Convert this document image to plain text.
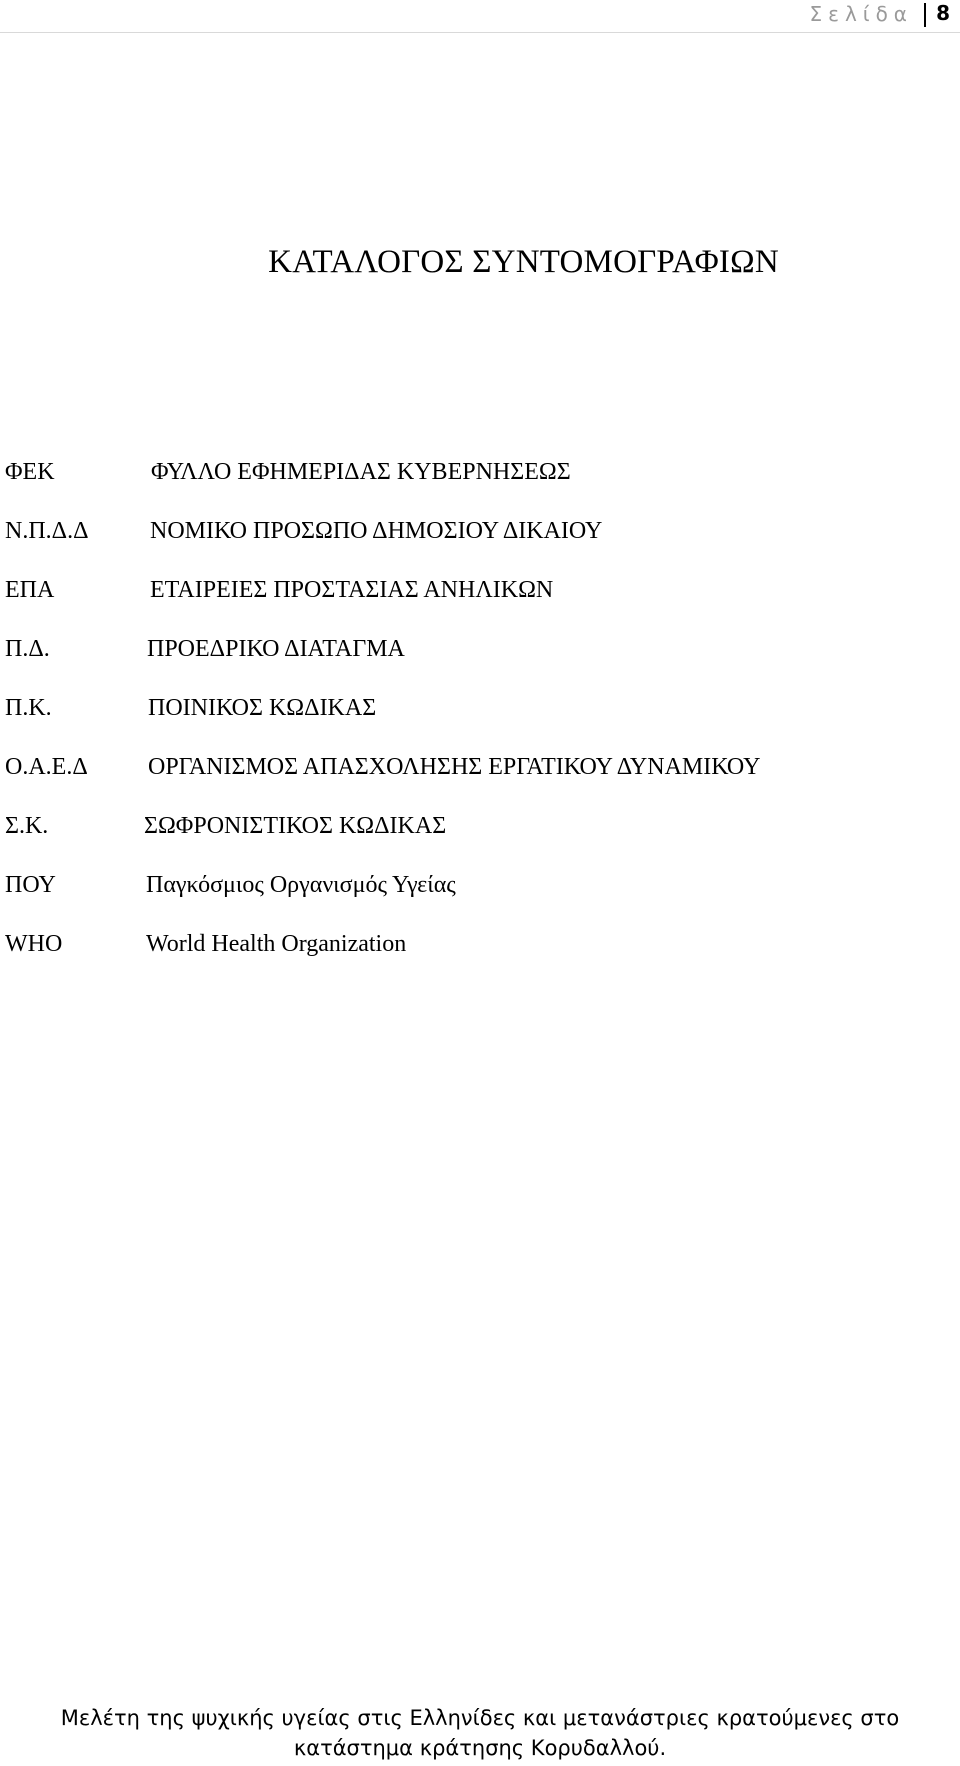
Σελίδα 8
ΚΑΤΑΛΟΓΟΣ ΣΥΝΤΟΜΟΓΡΑΦΙΩΝ
ΦΕΚ	ΦΥΛΛΟ ΕΦΗΜΕΡΙΔΑΣ ΚΥΒΕΡΝΗΣΕΩΣ
Ν.Π.Δ.Δ	ΝΟΜΙΚΟ ΠΡΟΣΩΠΟ ΔΗΜΟΣΙΟΥ ΔΙΚΑΙΟΥ
ΕΠΑ	ΕΤΑΙΡΕΙΕΣ ΠΡΟΣΤΑΣΙΑΣ ΑΝΗΛΙΚΩΝ
Π.Δ.	ΠΡΟΕΔΡΙΚΟ ΔΙΑΤΑΓΜΑ
Π.Κ.	ΠΟΙΝΙΚΟΣ ΚΩΔΙΚΑΣ
Ο.Α.Ε.Δ	ΟΡΓΑΝΙΣΜΟΣ ΑΠΑΣΧΟΛΗΣΗΣ ΕΡΓΑΤΙΚΟΥ ΔΥΝΑΜΙΚΟΥ
Σ.Κ.	ΣΩΦΡΟΝΙΣΤΙΚΟΣ ΚΩΔΙΚΑΣ
ΠΟΥ	Παγκόσμιος Οργανισμός Υγείας
WHO	World Health Organization
Μελέτη της ψυχικής υγείας στις Ελληνίδες και μετανάστριες κρατούμενες στο
κατάστημα κράτησης Κορυδαλλού.
